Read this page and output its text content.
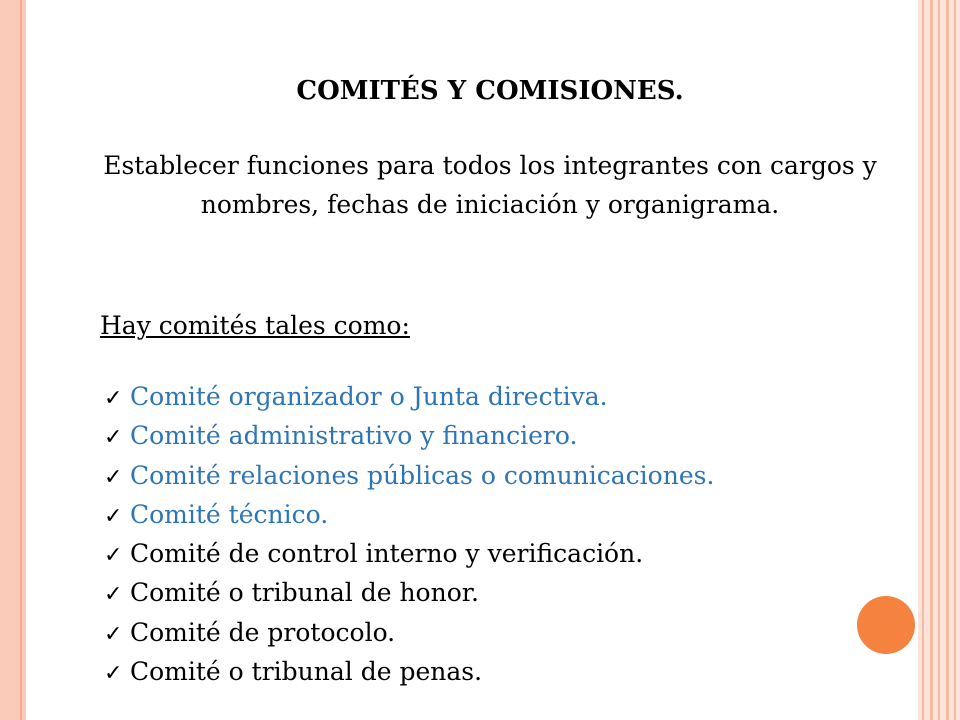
COMITÉS Y COMISIONES.

Establecer funciones para todos los integrantes con cargos y nombres, fechas de iniciación y organigrama.

Hay comités tales como:

✓ Comité organizador o Junta directiva.
✓ Comité administrativo y financiero.
✓ Comité relaciones públicas o comunicaciones.
✓ Comité técnico.
✓ Comité de control interno y verificación.
✓ Comité o tribunal de honor.
✓ Comité de protocolo.
✓ Comité o tribunal de penas.
